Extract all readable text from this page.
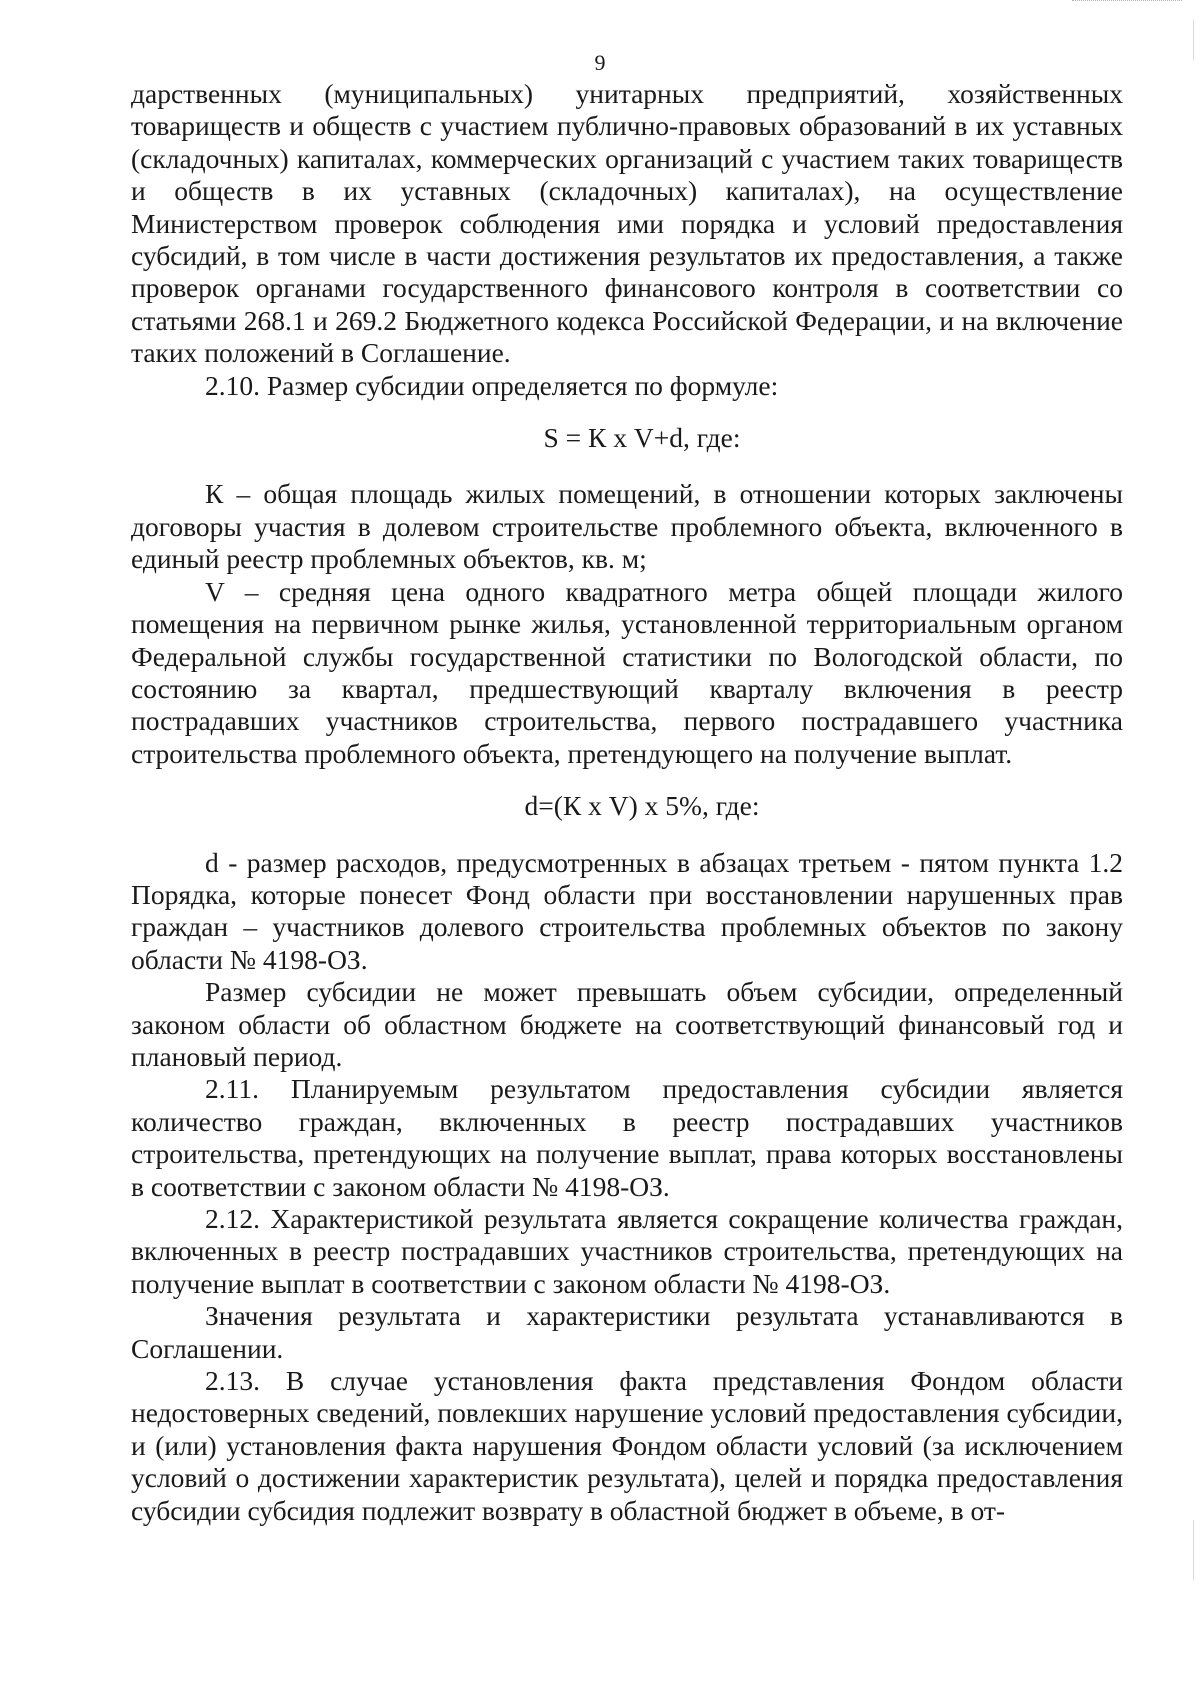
9

дарственных (муниципальных) унитарных предприятий, хозяйственных товариществ и обществ с участием публично-правовых образований в их уставных (складочных) капиталах, коммерческих организаций с участием таких товариществ и обществ в их уставных (складочных) капиталах), на осуществление Министерством проверок соблюдения ими порядка и условий предоставления субсидий, в том числе в части достижения результатов их предоставления, а также проверок органами государственного финансового контроля в соответствии со статьями 268.1 и 269.2 Бюджетного кодекса Российской Федерации, и на включение таких положений в Соглашение.

2.10. Размер субсидии определяется по формуле:

S = К х V+d, где:

К – общая площадь жилых помещений, в отношении которых заключены договоры участия в долевом строительстве проблемного объекта, включенного в единый реестр проблемных объектов, кв. м;

V – средняя цена одного квадратного метра общей площади жилого помещения на первичном рынке жилья, установленной территориальным органом Федеральной службы государственной статистики по Вологодской области, по состоянию за квартал, предшествующий кварталу включения в реестр пострадавших участников строительства, первого пострадавшего участника строительства проблемного объекта, претендующего на получение выплат.

d=(К х V) х 5%, где:

d - размер расходов, предусмотренных в абзацах третьем - пятом пункта 1.2 Порядка, которые понесет Фонд области при восстановлении нарушенных прав граждан – участников долевого строительства проблемных объектов по закону области № 4198-ОЗ.

Размер субсидии не может превышать объем субсидии, определенный законом области об областном бюджете на соответствующий финансовый год и плановый период.

2.11. Планируемым результатом предоставления субсидии является количество граждан, включенных в реестр пострадавших участников строительства, претендующих на получение выплат, права которых восстановлены в соответствии с законом области № 4198-ОЗ.

2.12. Характеристикой результата является сокращение количества граждан, включенных в реестр пострадавших участников строительства, претендующих на получение выплат в соответствии с законом области № 4198-ОЗ.

Значения результата и характеристики результата устанавливаются в Соглашении.

2.13. В случае установления факта представления Фондом области недостоверных сведений, повлекших нарушение условий предоставления субсидии, и (или) установления факта нарушения Фондом области условий (за исключением условий о достижении характеристик результата), целей и порядка предоставления субсидии субсидия подлежит возврату в областной бюджет в объеме, в от-
